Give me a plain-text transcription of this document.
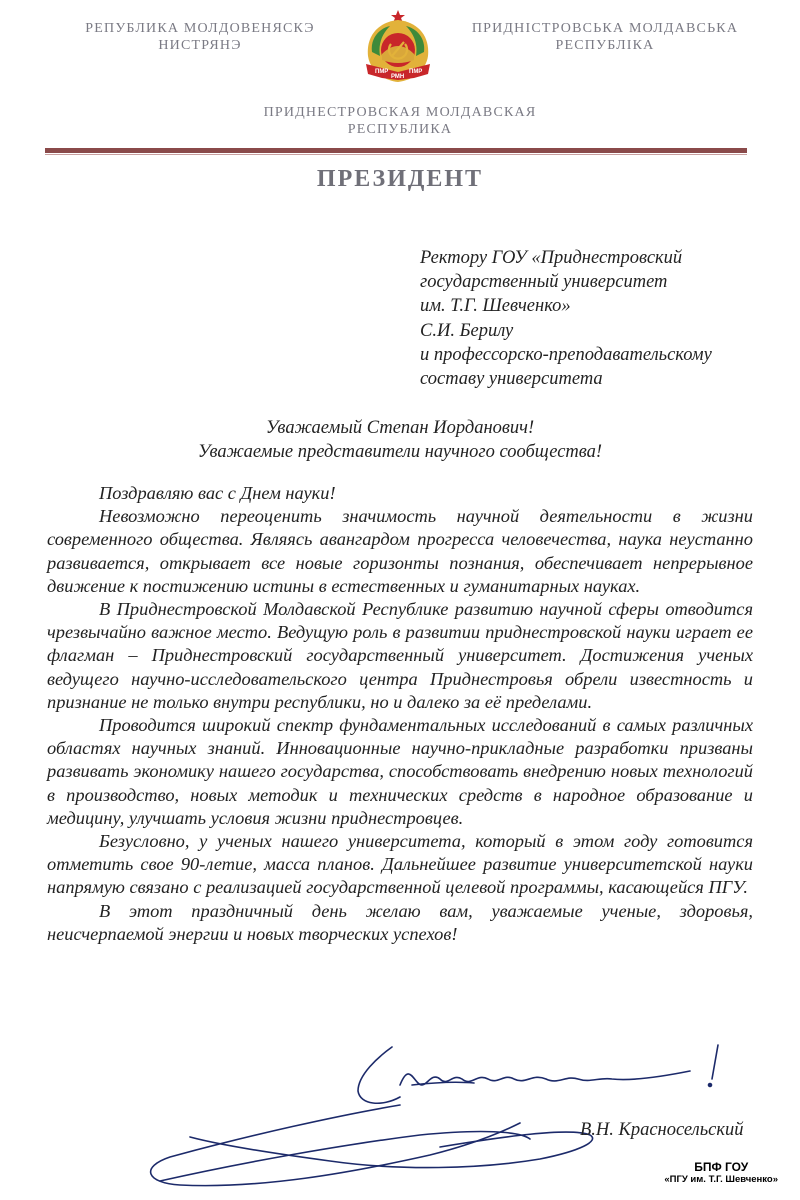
РЕПУБЛИКА МОЛДОВЕНЯСКЭ
НИСТРЯНЭ
ПМР
РМН
ПМР
ПРИДНІСТРОВСЬКА МОЛДАВСЬКА
РЕСПУБЛІКА
ПРИДНЕСТРОВСКАЯ МОЛДАВСКАЯ
РЕСПУБЛИКА
ПРЕЗИДЕНТ
Ректору ГОУ «Приднестровский
государственный университет
им. Т.Г. Шевченко»
С.И. Берилу
и профессорско-преподавательскому
составу университета
Уважаемый Степан Иорданович!
Уважаемые представители научного сообщества!

Поздравляю вас с Днем науки!

Невозможно переоценить значимость научной деятельности в жизни современного общества. Являясь авангардом прогресса человечества, наука неустанно развивается, открывает все новые горизонты познания, обеспечивает непрерывное движение к постижению истины в естественных и гуманитарных науках.

В Приднестровской Молдавской Республике развитию научной сферы отводится чрезвычайно важное место. Ведущую роль в развитии приднестровской науки играет ее флагман – Приднестровский государственный университет. Достижения ученых ведущего научно-исследовательского центра Приднестровья обрели известность и признание не только внутри республики, но и далеко за её пределами.

Проводится широкий спектр фундаментальных исследований в самых различных областях научных знаний. Инновационные научно-прикладные разработки призваны развивать экономику нашего государства, способствовать внедрению новых технологий в производство, новых методик и технических средств в народное образование и медицину, улучшать условия жизни приднестровцев.

Безусловно, у ученых нашего университета, который в этом году готовится отметить свое 90-летие, масса планов. Дальнейшее развитие университетской науки напрямую связано с реализацией государственной целевой программы, касающейся ПГУ.

В этот праздничный день желаю вам, уважаемые ученые, здоровья, неисчерпаемой энергии и новых творческих успехов!

В.Н. Красносельский
БПФ ГОУ
«ПГУ им. Т.Г. Шевченко»
